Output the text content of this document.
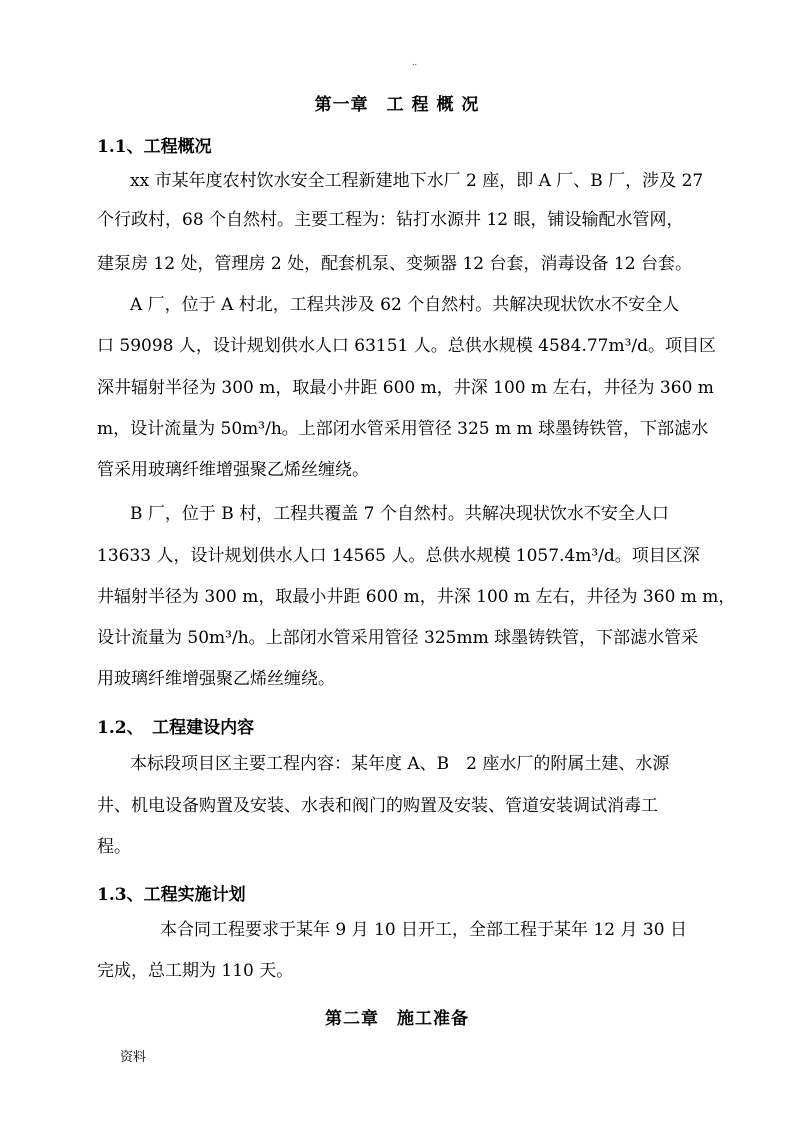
..
第一章　工 程 概 况
1.1、工程概况
xx 市某年度农村饮水安全工程新建地下水厂 2 座，即 A 厂、B 厂，涉及 27
个行政村，68 个自然村。主要工程为：钻打水源井 12 眼，铺设输配水管网，
建泵房 12 处，管理房 2 处，配套机泵、变频器 12 台套，消毒设备 12 台套。
A 厂，位于 A 村北，工程共涉及 62 个自然村。共解决现状饮水不安全人
口 59098 人，设计规划供水人口 63151 人。总供水规模 4584.77m³/d。项目区
深井辐射半径为 300 m，取最小井距 600 m，井深 100 m 左右，井径为 360 m
m，设计流量为 50m³/h。上部闭水管采用管径 325 m m 球墨铸铁管，下部滤水
管采用玻璃纤维增强聚乙烯丝缠绕。
B 厂，位于 B 村，工程共覆盖 7 个自然村。共解决现状饮水不安全人口
13633 人，设计规划供水人口 14565 人。总供水规模 1057.4m³/d。项目区深
井辐射半径为 300 m，取最小井距 600 m，井深 100 m 左右，井径为 360 m m，
设计流量为 50m³/h。上部闭水管采用管径 325mm 球墨铸铁管，下部滤水管采
用玻璃纤维增强聚乙烯丝缠绕。
1.2、　工程建设内容
本标段项目区主要工程内容：某年度 A、B　2 座水厂的附属土建、水源
井、机电设备购置及安装、水表和阀门的购置及安装、管道安装调试消毒工
程。
1.3、工程实施计划
本合同工程要求于某年 9 月 10 日开工，全部工程于某年 12 月 30 日
完成，总工期为 110 天。
第二章　施工准备
资料
